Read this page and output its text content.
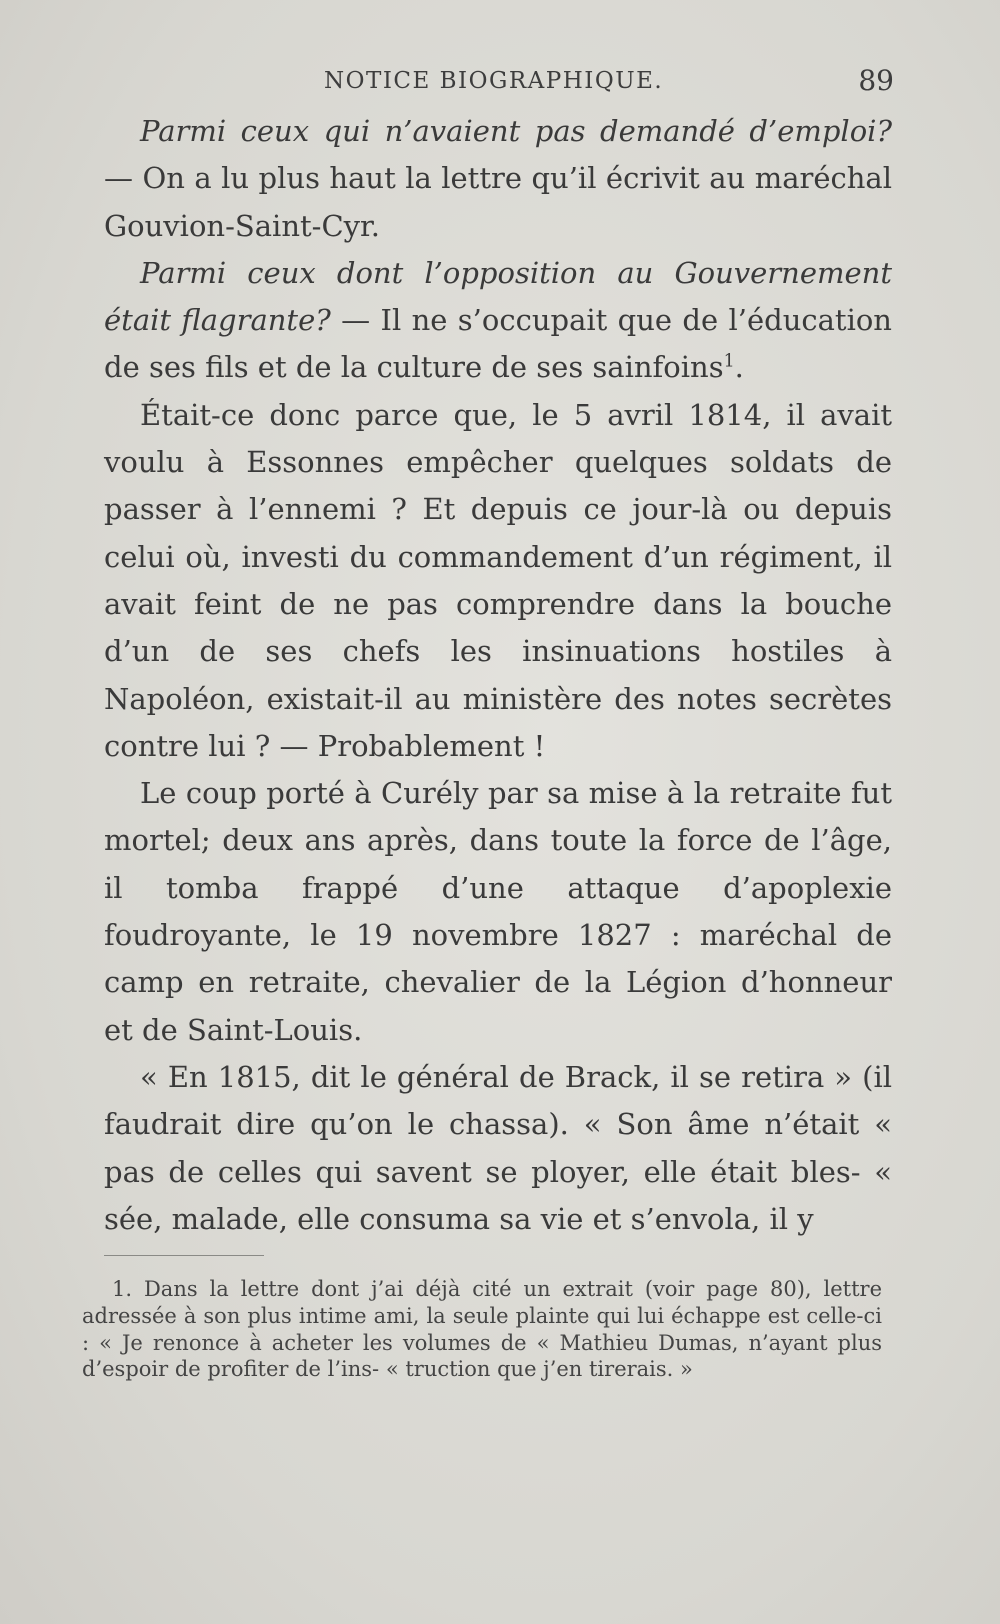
NOTICE BIOGRAPHIQUE.	89

Parmi ceux qui n’avaient pas demandé d’emploi? — On a lu plus haut la lettre qu’il écrivit au maréchal Gouvion-Saint-Cyr.

Parmi ceux dont l’opposition au Gouvernement était flagrante? — Il ne s’occupait que de l’éducation de ses fils et de la culture de ses sainfoins$^1$.

Était-ce donc parce que, le 5 avril 1814, il avait voulu à Essonnes empêcher quelques soldats de passer à l’ennemi ? Et depuis ce jour-là ou depuis celui où, investi du commandement d’un régiment, il avait feint de ne pas comprendre dans la bouche d’un de ses chefs les insinuations hostiles à Napoléon, existait-il au ministère des notes secrètes contre lui ? — Probablement !

Le coup porté à Curély par sa mise à la retraite fut mortel; deux ans après, dans toute la force de l’âge, il tomba frappé d’une attaque d’apoplexie foudroyante, le 19 novembre 1827 : maréchal de camp en retraite, chevalier de la Légion d’honneur et de Saint-Louis.

« En 1815, dit le général de Brack, il se retira » (il faudrait dire qu’on le chassa). « Son âme n’était « pas de celles qui savent se ployer, elle était bles- « sée, malade, elle consuma sa vie et s’envola, il y

1. Dans la lettre dont j’ai déjà cité un extrait (voir page 80), lettre adressée à son plus intime ami, la seule plainte qui lui échappe est celle-ci : « Je renonce à acheter les volumes de « Mathieu Dumas, n’ayant plus d’espoir de profiter de l’ins- « truction que j’en tirerais. »
